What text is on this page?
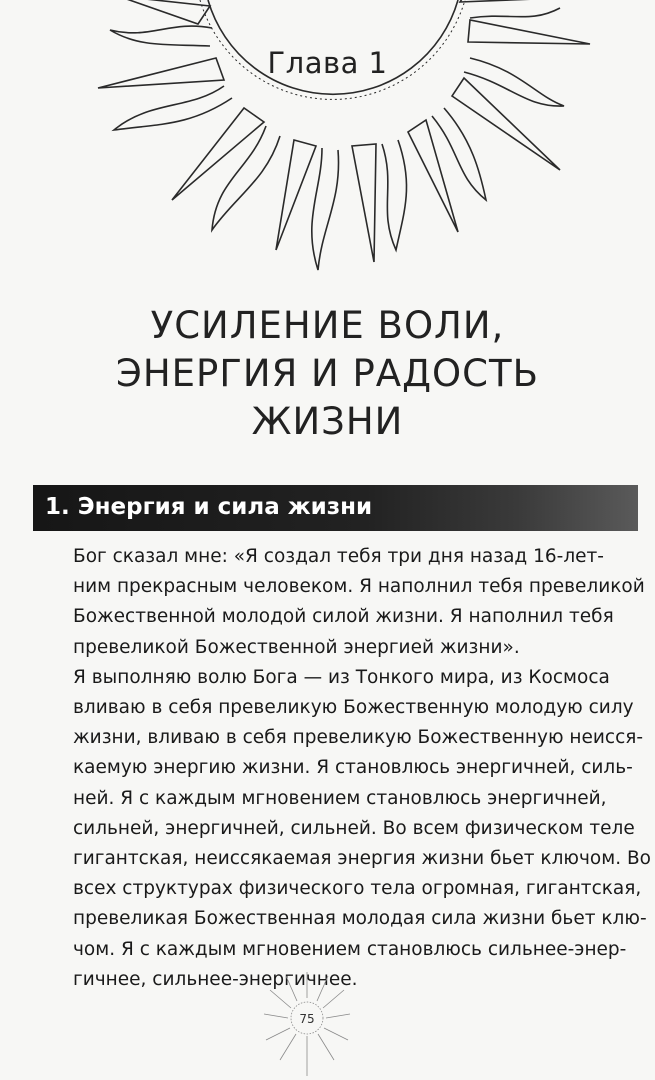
Глава 1
УСИЛЕНИЕ ВОЛИ,
ЭНЕРГИЯ И РАДОСТЬ
ЖИЗНИ
1. Энергия и сила жизни

Бог сказал мне: «Я создал тебя три дня назад 16-лет-
ним прекрасным человеком. Я наполнил тебя превеликой
Божественной молодой силой жизни. Я наполнил тебя
превеликой Божественной энергией жизни».

Я выполняю волю Бога — из Тонкого мира, из Космоса
вливаю в себя превеликую Божественную молодую силу
жизни, вливаю в себя превеликую Божественную неисся-
каемую энергию жизни. Я становлюсь энергичней, силь-
ней. Я с каждым мгновением становлюсь энергичней,
сильней, энергичней, сильней. Во всем физическом теле
гигантская, неиссякаемая энергия жизни бьет ключом. Во
всех структурах физического тела огромная, гигантская,
превеликая Божественная молодая сила жизни бьет клю-
чом. Я с каждым мгновением становлюсь сильнее-энер-
гичнее, сильнее-энергичнее.

75
